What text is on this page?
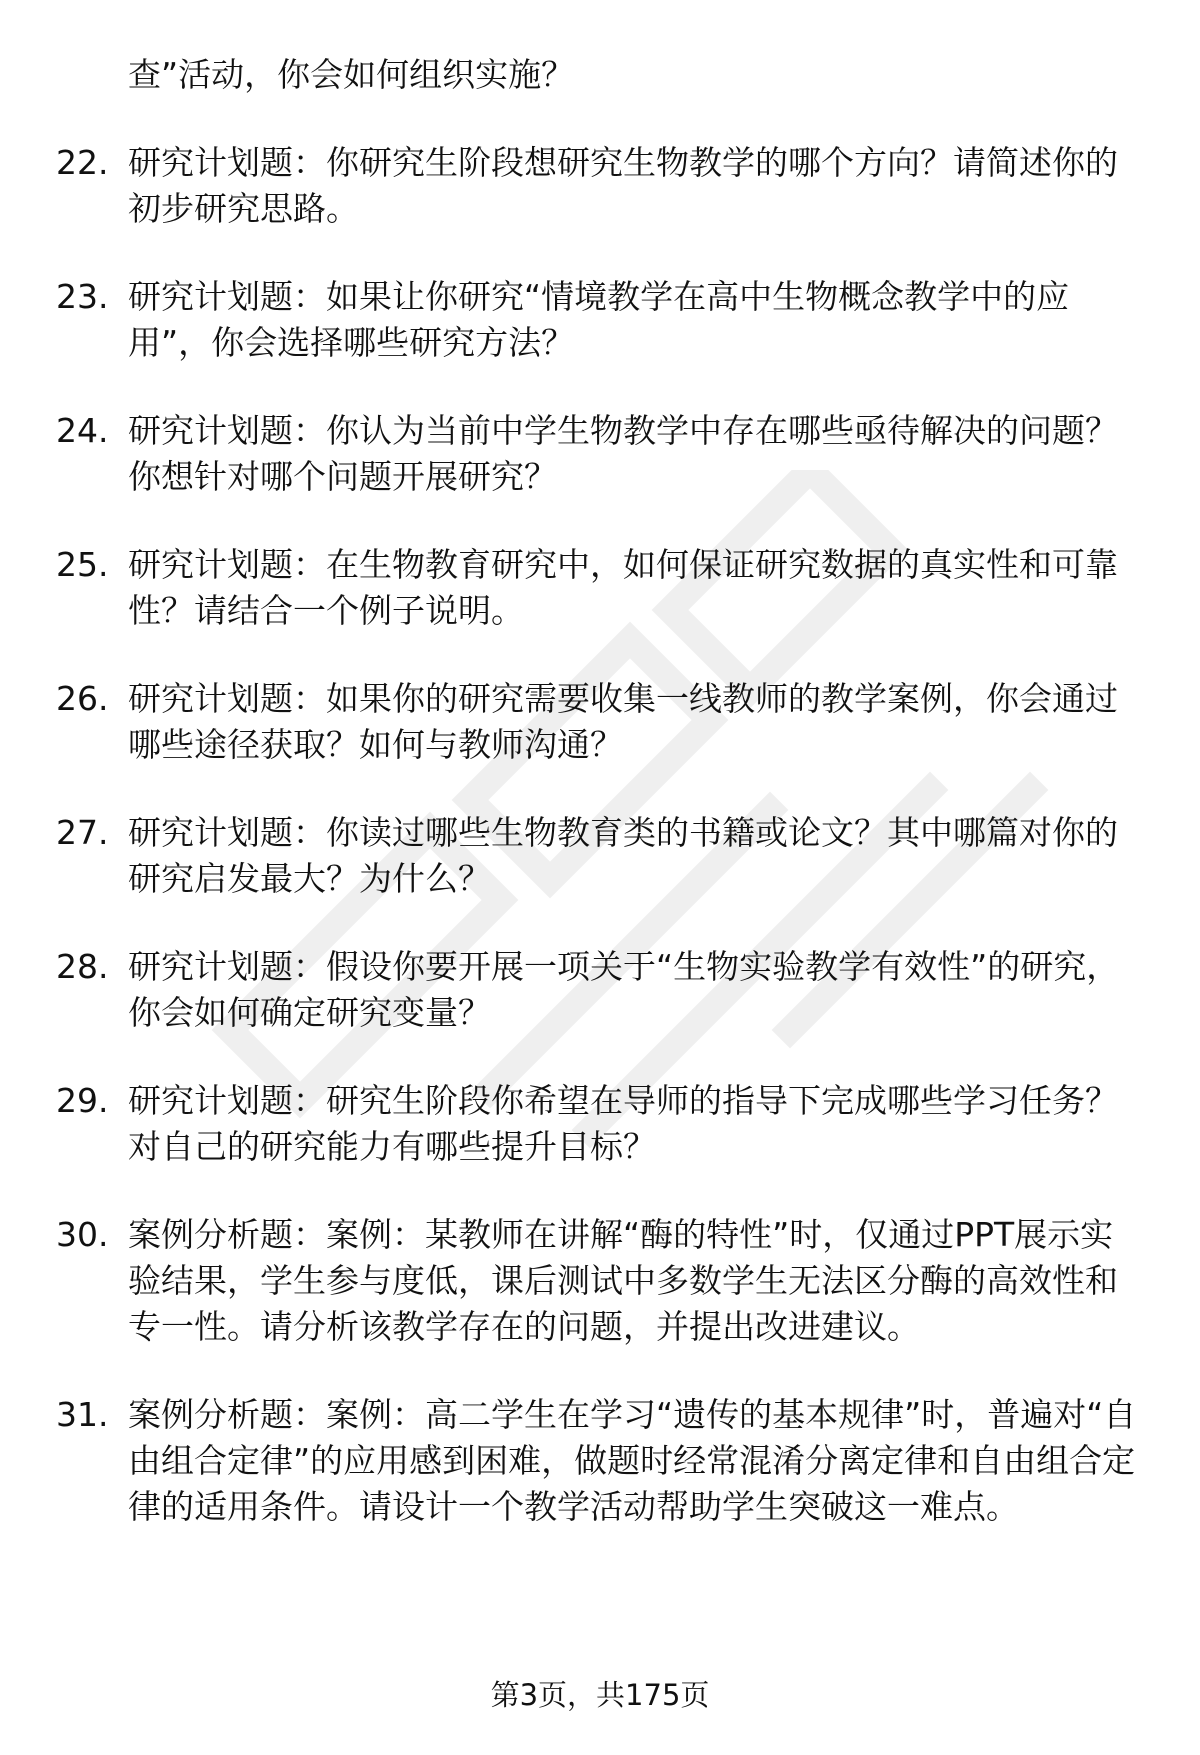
查”活动，你会如何组织实施？
22. 研究计划题：你研究生阶段想研究生物教学的哪个方向？请简述你的初步研究思路。
23. 研究计划题：如果让你研究“情境教学在高中生物概念教学中的应用”，你会选择哪些研究方法？
24. 研究计划题：你认为当前中学生物教学中存在哪些亟待解决的问题？你想针对哪个问题开展研究？
25. 研究计划题：在生物教育研究中，如何保证研究数据的真实性和可靠性？请结合一个例子说明。
26. 研究计划题：如果你的研究需要收集一线教师的教学案例，你会通过哪些途径获取？如何与教师沟通？
27. 研究计划题：你读过哪些生物教育类的书籍或论文？其中哪篇对你的研究启发最大？为什么？
28. 研究计划题：假设你要开展一项关于“生物实验教学有效性”的研究，你会如何确定研究变量？
29. 研究计划题：研究生阶段你希望在导师的指导下完成哪些学习任务？对自己的研究能力有哪些提升目标？
30. 案例分析题：案例：某教师在讲解“酶的特性”时，仅通过PPT展示实验结果，学生参与度低，课后测试中多数学生无法区分酶的高效性和专一性。请分析该教学存在的问题，并提出改进建议。
31. 案例分析题：案例：高二学生在学习“遗传的基本规律”时，普遍对“自由组合定律”的应用感到困难，做题时经常混淆分离定律和自由组合定律的适用条件。请设计一个教学活动帮助学生突破这一难点。
第3页，共175页
